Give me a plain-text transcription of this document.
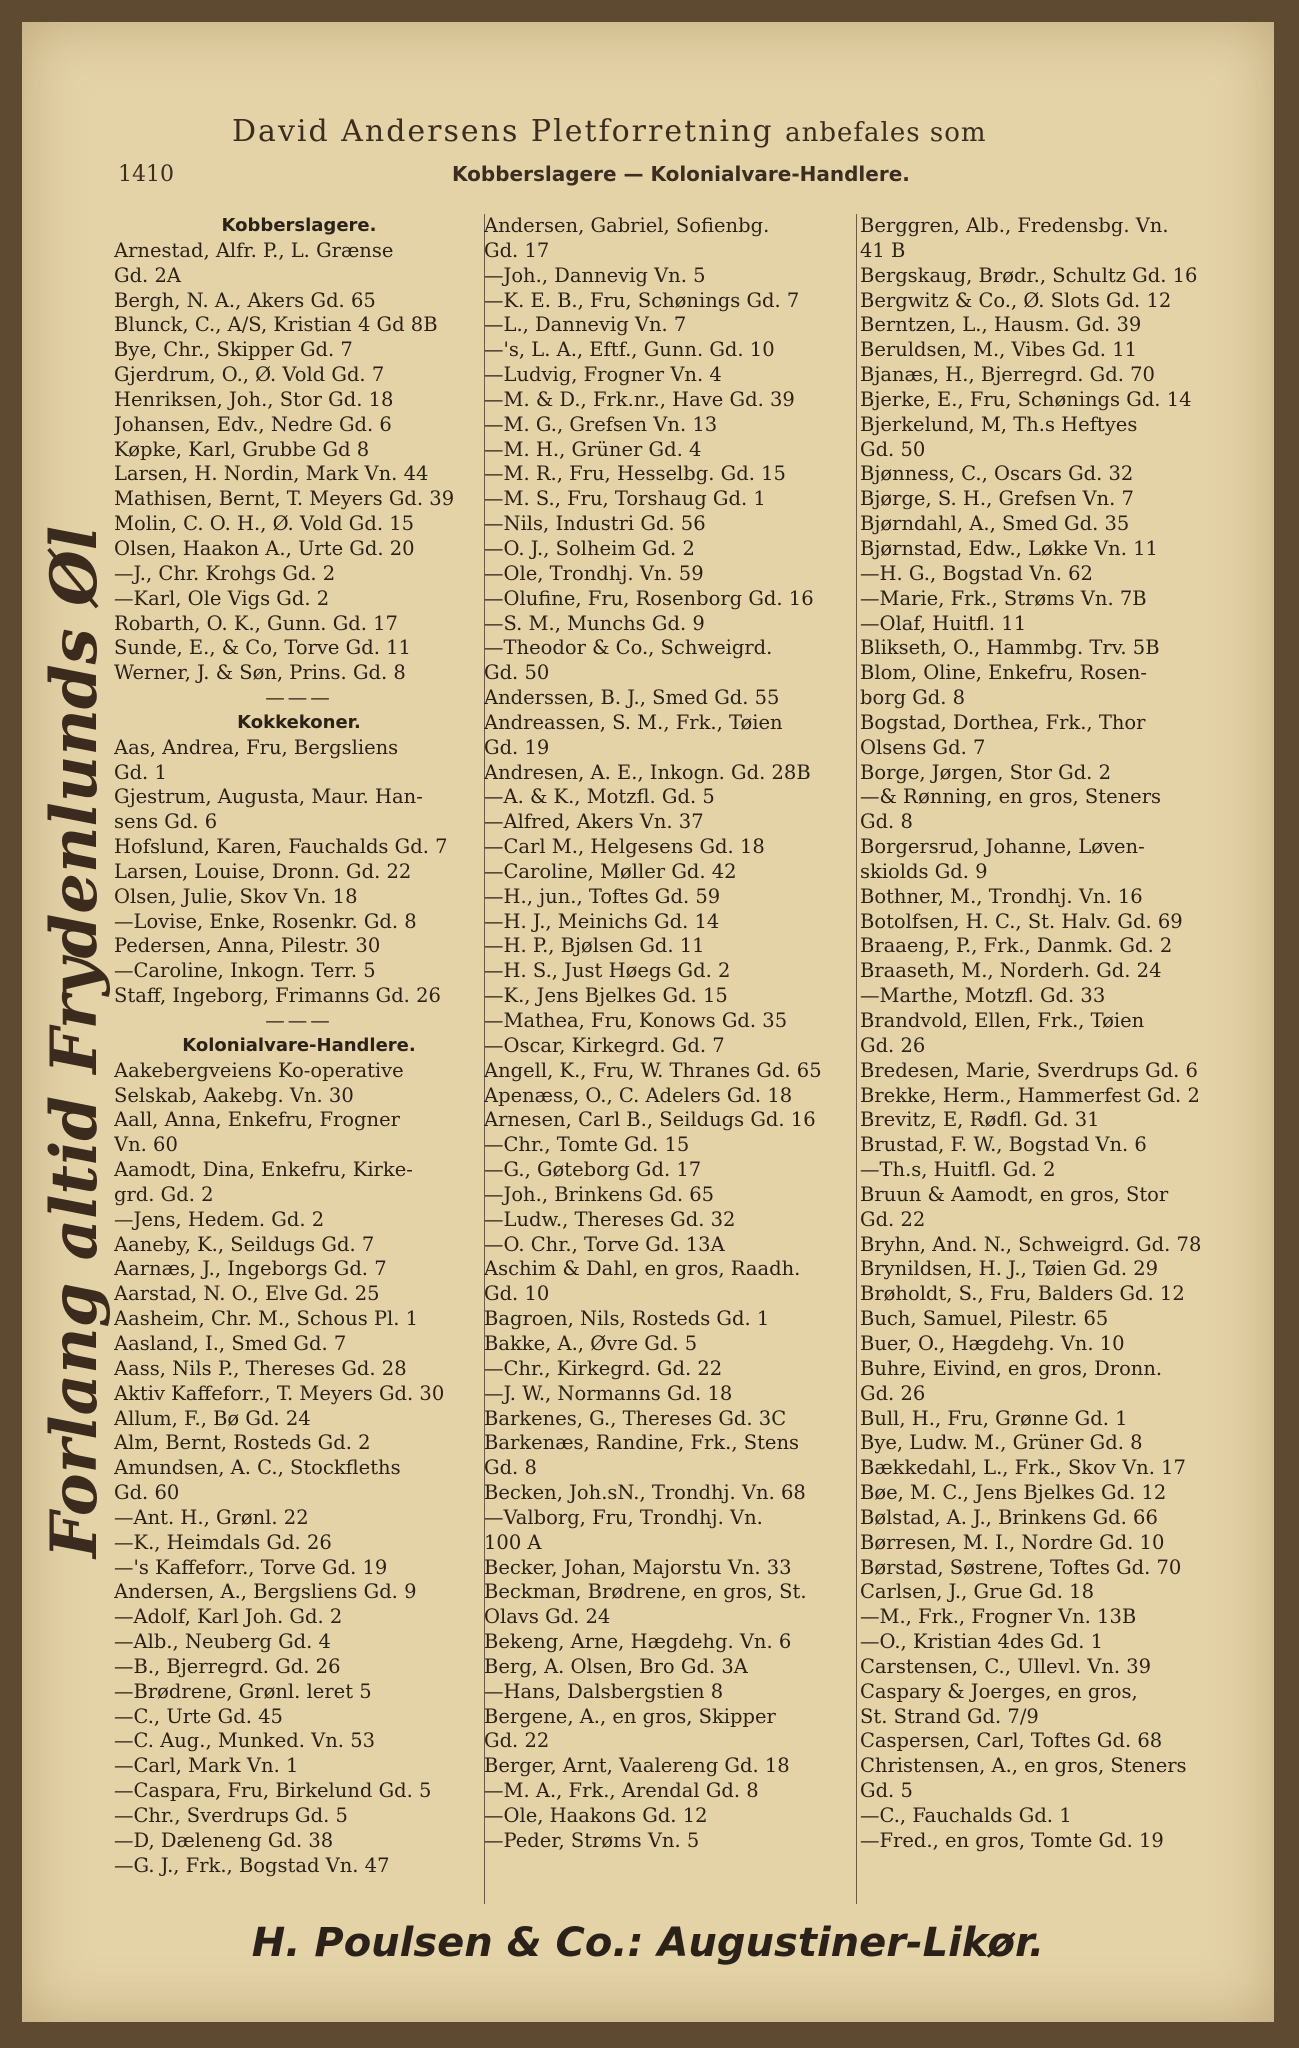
David Andersens Pletforretning anbefales som
1410	Kobberslagere — Kolonialvare-Handlere.
Forlang altid Frydenlunds Øl
Kobberslagere.
Arnestad, Alfr. P., L. Grænse
Gd. 2A
Bergh, N. A., Akers Gd. 65
Blunck, C., A/S, Kristian 4 Gd 8B
Bye, Chr., Skipper Gd. 7
Gjerdrum, O., Ø. Vold Gd. 7
Henriksen, Joh., Stor Gd. 18
Johansen, Edv., Nedre Gd. 6
Køpke, Karl, Grubbe Gd 8
Larsen, H. Nordin, Mark Vn. 44
Mathisen, Bernt, T. Meyers Gd. 39
Molin, C. O. H., Ø. Vold Gd. 15
Olsen, Haakon A., Urte Gd. 20
—J., Chr. Krohgs Gd. 2
—Karl, Ole Vigs Gd. 2
Robarth, O. K., Gunn. Gd. 17
Sunde, E., & Co, Torve Gd. 11
Werner, J. & Søn, Prins. Gd. 8
———
Kokkekoner.
Aas, Andrea, Fru, Bergsliens
Gd. 1
Gjestrum, Augusta, Maur. Han-
sens Gd. 6
Hofslund, Karen, Fauchalds Gd. 7
Larsen, Louise, Dronn. Gd. 22
Olsen, Julie, Skov Vn. 18
—Lovise, Enke, Rosenkr. Gd. 8
Pedersen, Anna, Pilestr. 30
—Caroline, Inkogn. Terr. 5
Staff, Ingeborg, Frimanns Gd. 26
———
Kolonialvare-Handlere.
Aakebergveiens Ko-operative
Selskab, Aakebg. Vn. 30
Aall, Anna, Enkefru, Frogner
Vn. 60
Aamodt, Dina, Enkefru, Kirke-
grd. Gd. 2
—Jens, Hedem. Gd. 2
Aaneby, K., Seildugs Gd. 7
Aarnæs, J., Ingeborgs Gd. 7
Aarstad, N. O., Elve Gd. 25
Aasheim, Chr. M., Schous Pl. 1
Aasland, I., Smed Gd. 7
Aass, Nils P., Thereses Gd. 28
Aktiv Kaffeforr., T. Meyers Gd. 30
Allum, F., Bø Gd. 24
Alm, Bernt, Rosteds Gd. 2
Amundsen, A. C., Stockfleths
Gd. 60
—Ant. H., Grønl. 22
—K., Heimdals Gd. 26
—'s Kaffeforr., Torve Gd. 19
Andersen, A., Bergsliens Gd. 9
—Adolf, Karl Joh. Gd. 2
—Alb., Neuberg Gd. 4
—B., Bjerregrd. Gd. 26
—Brødrene, Grønl. leret 5
—C., Urte Gd. 45
—C. Aug., Munked. Vn. 53
—Carl, Mark Vn. 1
—Caspara, Fru, Birkelund Gd. 5
—Chr., Sverdrups Gd. 5
—D, Dæleneng Gd. 38
—G. J., Frk., Bogstad Vn. 47
Andersen, Gabriel, Sofienbg.
Gd. 17
—Joh., Dannevig Vn. 5
—K. E. B., Fru, Schønings Gd. 7
—L., Dannevig Vn. 7
—'s, L. A., Eftf., Gunn. Gd. 10
—Ludvig, Frogner Vn. 4
—M. & D., Frk.nr., Have Gd. 39
—M. G., Grefsen Vn. 13
—M. H., Grüner Gd. 4
—M. R., Fru, Hesselbg. Gd. 15
—M. S., Fru, Torshaug Gd. 1
—Nils, Industri Gd. 56
—O. J., Solheim Gd. 2
—Ole, Trondhj. Vn. 59
—Olufine, Fru, Rosenborg Gd. 16
—S. M., Munchs Gd. 9
—Theodor & Co., Schweigrd.
Gd. 50
Anderssen, B. J., Smed Gd. 55
Andreassen, S. M., Frk., Tøien
Gd. 19
Andresen, A. E., Inkogn. Gd. 28B
—A. & K., Motzfl. Gd. 5
—Alfred, Akers Vn. 37
—Carl M., Helgesens Gd. 18
—Caroline, Møller Gd. 42
—H., jun., Toftes Gd. 59
—H. J., Meinichs Gd. 14
—H. P., Bjølsen Gd. 11
—H. S., Just Høegs Gd. 2
—K., Jens Bjelkes Gd. 15
—Mathea, Fru, Konows Gd. 35
—Oscar, Kirkegrd. Gd. 7
Angell, K., Fru, W. Thranes Gd. 65
Apenæss, O., C. Adelers Gd. 18
Arnesen, Carl B., Seildugs Gd. 16
—Chr., Tomte Gd. 15
—G., Gøteborg Gd. 17
—Joh., Brinkens Gd. 65
—Ludw., Thereses Gd. 32
—O. Chr., Torve Gd. 13A
Aschim & Dahl, en gros, Raadh.
Gd. 10
Bagroen, Nils, Rosteds Gd. 1
Bakke, A., Øvre Gd. 5
—Chr., Kirkegrd. Gd. 22
—J. W., Normanns Gd. 18
Barkenes, G., Thereses Gd. 3C
Barkenæs, Randine, Frk., Stens
Gd. 8
Becken, Joh.sN., Trondhj. Vn. 68
—Valborg, Fru, Trondhj. Vn.
100 A
Becker, Johan, Majorstu Vn. 33
Beckman, Brødrene, en gros, St.
Olavs Gd. 24
Bekeng, Arne, Hægdehg. Vn. 6
Berg, A. Olsen, Bro Gd. 3A
—Hans, Dalsbergstien 8
Bergene, A., en gros, Skipper
Gd. 22
Berger, Arnt, Vaalereng Gd. 18
—M. A., Frk., Arendal Gd. 8
—Ole, Haakons Gd. 12
—Peder, Strøms Vn. 5
Berggren, Alb., Fredensbg. Vn.
41 B
Bergskaug, Brødr., Schultz Gd. 16
Bergwitz & Co., Ø. Slots Gd. 12
Berntzen, L., Hausm. Gd. 39
Beruldsen, M., Vibes Gd. 11
Bjanæs, H., Bjerregrd. Gd. 70
Bjerke, E., Fru, Schønings Gd. 14
Bjerkelund, M, Th.s Heftyes
Gd. 50
Bjønness, C., Oscars Gd. 32
Bjørge, S. H., Grefsen Vn. 7
Bjørndahl, A., Smed Gd. 35
Bjørnstad, Edw., Løkke Vn. 11
—H. G., Bogstad Vn. 62
—Marie, Frk., Strøms Vn. 7B
—Olaf, Huitfl. 11
Blikseth, O., Hammbg. Trv. 5B
Blom, Oline, Enkefru, Rosen-
borg Gd. 8
Bogstad, Dorthea, Frk., Thor
Olsens Gd. 7
Borge, Jørgen, Stor Gd. 2
—& Rønning, en gros, Steners
Gd. 8
Borgersrud, Johanne, Løven-
skiolds Gd. 9
Bothner, M., Trondhj. Vn. 16
Botolfsen, H. C., St. Halv. Gd. 69
Braaeng, P., Frk., Danmk. Gd. 2
Braaseth, M., Norderh. Gd. 24
—Marthe, Motzfl. Gd. 33
Brandvold, Ellen, Frk., Tøien
Gd. 26
Bredesen, Marie, Sverdrups Gd. 6
Brekke, Herm., Hammerfest Gd. 2
Brevitz, E, Rødfl. Gd. 31
Brustad, F. W., Bogstad Vn. 6
—Th.s, Huitfl. Gd. 2
Bruun & Aamodt, en gros, Stor
Gd. 22
Bryhn, And. N., Schweigrd. Gd. 78
Brynildsen, H. J., Tøien Gd. 29
Brøholdt, S., Fru, Balders Gd. 12
Buch, Samuel, Pilestr. 65
Buer, O., Hægdehg. Vn. 10
Buhre, Eivind, en gros, Dronn.
Gd. 26
Bull, H., Fru, Grønne Gd. 1
Bye, Ludw. M., Grüner Gd. 8
Bækkedahl, L., Frk., Skov Vn. 17
Bøe, M. C., Jens Bjelkes Gd. 12
Bølstad, A. J., Brinkens Gd. 66
Børresen, M. I., Nordre Gd. 10
Børstad, Søstrene, Toftes Gd. 70
Carlsen, J., Grue Gd. 18
—M., Frk., Frogner Vn. 13B
—O., Kristian 4des Gd. 1
Carstensen, C., Ullevl. Vn. 39
Caspary & Joerges, en gros,
St. Strand Gd. 7/9
Caspersen, Carl, Toftes Gd. 68
Christensen, A., en gros, Steners
Gd. 5
—C., Fauchalds Gd. 1
—Fred., en gros, Tomte Gd. 19
H. Poulsen & Co.: Augustiner-Likør.
